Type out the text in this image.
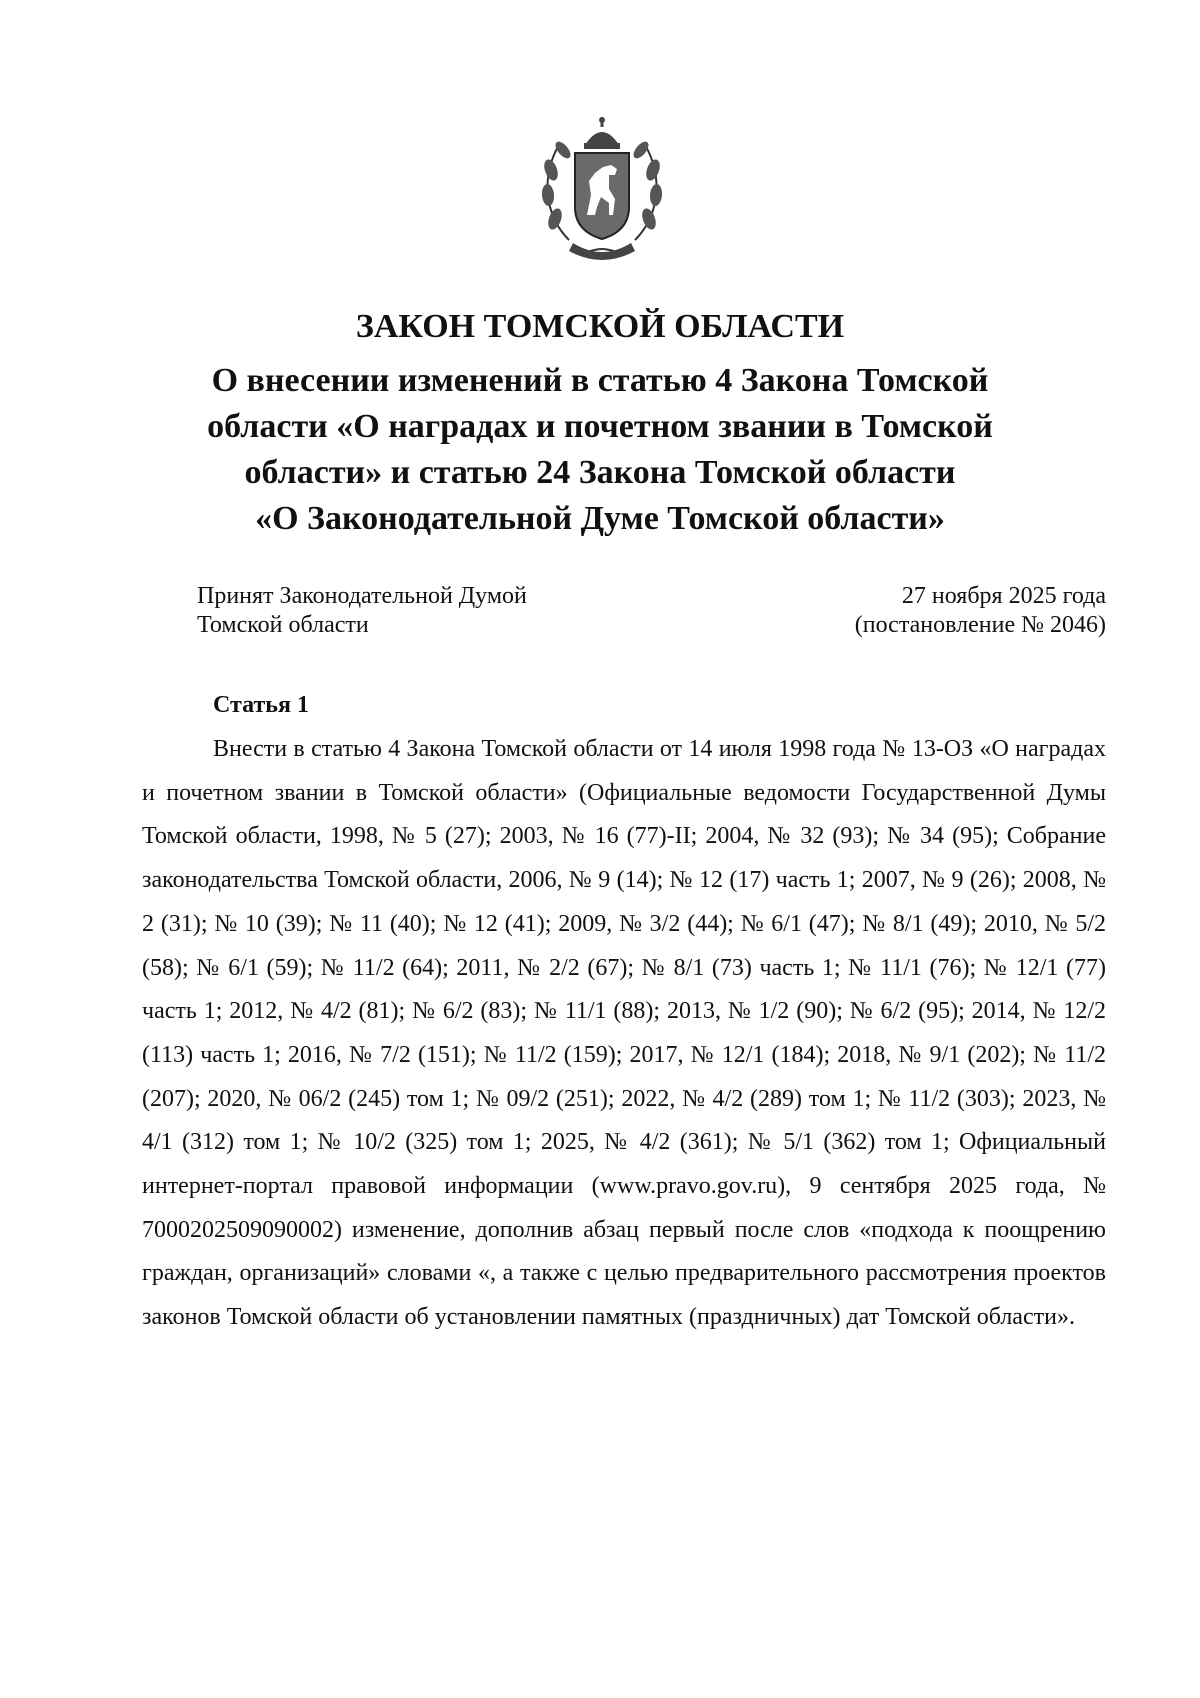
ЗАКОН ТОМСКОЙ ОБЛАСТИ
О внесении изменений в статью 4 Закона Томской
области «О наградах и почетном звании в Томской
области» и статью 24 Закона Томской области
«О Законодательной Думе Томской области»
Принят Законодательной Думой
Томской области
27 ноября 2025 года
(постановление № 2046)
Статья 1

Внести в статью 4 Закона Томской области от 14 июля 1998 года № 13-ОЗ «О наградах и почетном звании в Томской области» (Официальные ведомости Государственной Думы Томской области, 1998, № 5 (27); 2003, № 16 (77)-II; 2004, № 32 (93); № 34 (95); Собрание законодательства Томской области, 2006, № 9 (14); № 12 (17) часть 1; 2007, № 9 (26); 2008, № 2 (31); № 10 (39); № 11 (40); № 12 (41); 2009, № 3/2 (44); № 6/1 (47); № 8/1 (49); 2010, № 5/2 (58); № 6/1 (59); № 11/2 (64); 2011, № 2/2 (67); № 8/1 (73) часть 1; № 11/1 (76); № 12/1 (77) часть 1; 2012, № 4/2 (81); № 6/2 (83); № 11/1 (88); 2013, № 1/2 (90); № 6/2 (95); 2014, № 12/2 (113) часть 1; 2016, № 7/2 (151); № 11/2 (159); 2017, № 12/1 (184); 2018, № 9/1 (202); № 11/2 (207); 2020, № 06/2 (245) том 1; № 09/2 (251); 2022, № 4/2 (289) том 1; № 11/2 (303); 2023, № 4/1 (312) том 1; № 10/2 (325) том 1; 2025, № 4/2 (361); № 5/1 (362) том 1; Официальный интернет-портал правовой информации (www.pravo.gov.ru), 9 сентября 2025 года, № 7000202509090002) изменение, дополнив абзац первый после слов «подхода к поощрению граждан, организаций» словами «, а также с целью предварительного рассмотрения проектов законов Томской области об установлении памятных (праздничных) дат Томской области».
